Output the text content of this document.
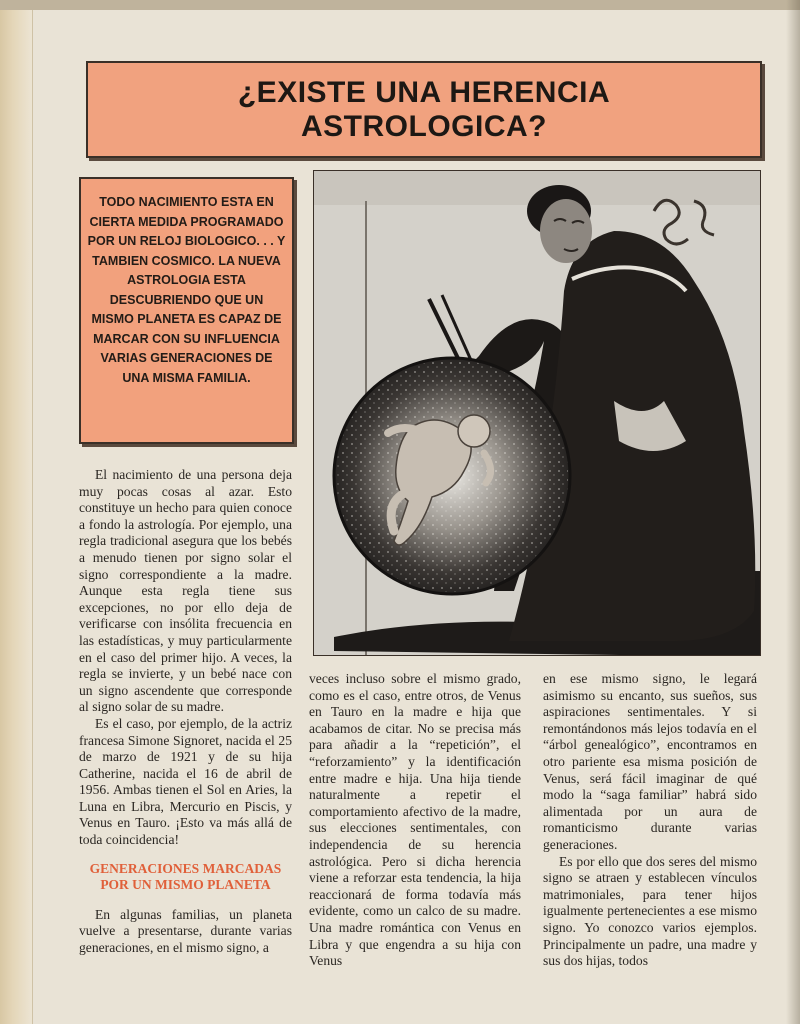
¿EXISTE UNA HERENCIA
ASTROLOGICA?

TODO NACIMIENTO ESTA EN CIERTA MEDIDA PROGRAMADO POR UN RELOJ BIOLOGICO. . . Y TAMBIEN COSMICO. LA NUEVA ASTROLOGIA ESTA DESCUBRIENDO QUE UN MISMO PLANETA ES CAPAZ DE MARCAR CON SU INFLUENCIA VARIAS GENERACIONES DE UNA MISMA FAMILIA.

El nacimiento de una persona deja muy pocas cosas al azar. Esto constituye un hecho para quien conoce a fondo la astrología. Por ejemplo, una regla tradicional asegura que los bebés a menudo tienen por signo solar el signo correspondiente a la madre. Aunque esta regla tiene sus excepciones, no por ello deja de verificarse con insólita frecuencia en las estadísticas, y muy particularmente en el caso del primer hijo. A veces, la regla se invierte, y un bebé nace con un signo ascendente que corresponde al signo solar de su madre.

Es el caso, por ejemplo, de la actriz francesa Simone Signoret, nacida el 25 de marzo de 1921 y de su hija Catherine, nacida el 16 de abril de 1956. Ambas tienen el Sol en Aries, la Luna en Libra, Mercurio en Piscis, y Venus en Tauro. ¡Esto va más allá de toda coincidencia!

GENERACIONES MARCADAS POR UN MISMO PLANETA

En algunas familias, un planeta vuelve a presentarse, durante varias generaciones, en el mismo signo, a

veces incluso sobre el mismo grado, como es el caso, entre otros, de Venus en Tauro en la madre e hija que acabamos de citar. No se precisa más para añadir a la “repetición”, el “reforzamiento” y la identificación entre madre e hija. Una hija tiende naturalmente a repetir el comportamiento afectivo de la madre, sus elecciones sentimentales, con independencia de su herencia astrológica. Pero si dicha herencia viene a reforzar esta tendencia, la hija reaccionará de forma todavía más evidente, como un calco de su madre. Una madre romántica con Venus en Libra y que engendra a su hija con Venus

en ese mismo signo, le legará asimismo su encanto, sus sueños, sus aspiraciones sentimentales. Y si remontándonos más lejos todavía en el “árbol genealógico”, encontramos en otro pariente esa misma posición de Venus, será fácil imaginar de qué modo la “saga familiar” habrá sido alimentada por un aura de romanticismo durante varias generaciones.

Es por ello que dos seres del mismo signo se atraen y establecen vínculos matrimoniales, para tener hijos igualmente pertenecientes a ese mismo signo. Yo conozco varios ejemplos. Principalmente un padre, una madre y sus dos hijas, todos
